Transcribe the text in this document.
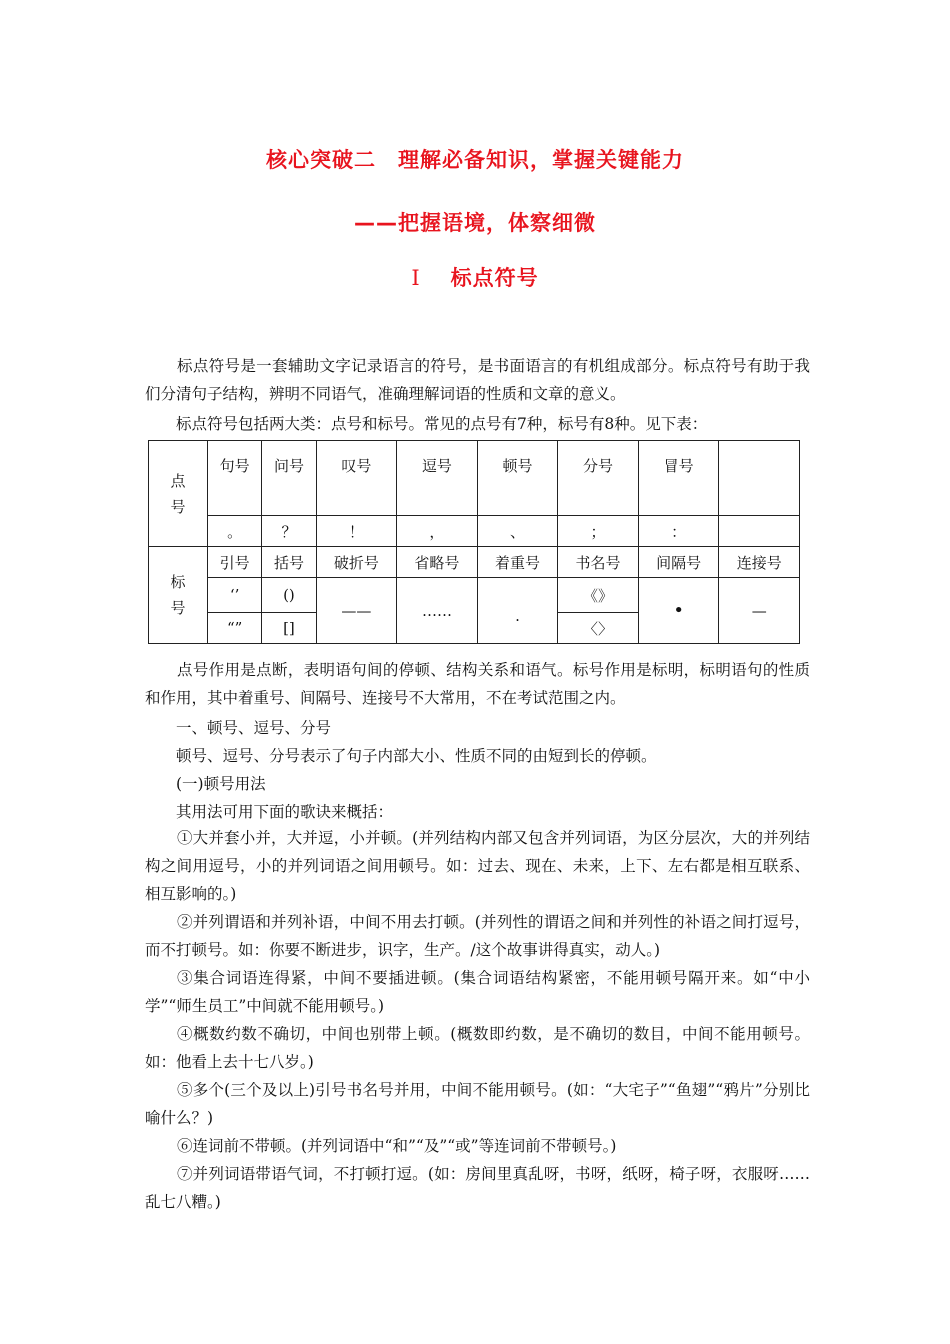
核心突破二　理解必备知识，掌握关键能力
——把握语境，体察细微
Ⅰ 标点符号
标点符号是一套辅助文字记录语言的符号，是书面语言的有机组成部分。标点符号有助于我们分清句子结构，辨明不同语气，准确理解词语的性质和文章的意义。
标点符号包括两大类：点号和标号。常见的点号有7种，标号有8种。见下表：
点
号	句号	问号	叹号	逗号	顿号	分号	冒号	
	。	？	！	，	、	；	：	
标
号	引号	括号	破折号	省略号	着重号	书名号	间隔号	连接号
	‘’	()	——	……	.	《》	•	—
	“”	[]				〈〉		
点号作用是点断，表明语句间的停顿、结构关系和语气。标号作用是标明，标明语句的性质和作用，其中着重号、间隔号、连接号不大常用，不在考试范围之内。
一、顿号、逗号、分号
顿号、逗号、分号表示了句子内部大小、性质不同的由短到长的停顿。
(一)顿号用法
其用法可用下面的歌诀来概括：
①大并套小并，大并逗，小并顿。(并列结构内部又包含并列词语，为区分层次，大的并列结构之间用逗号，小的并列词语之间用顿号。如：过去、现在、未来，上下、左右都是相互联系、相互影响的。)
②并列谓语和并列补语，中间不用去打顿。(并列性的谓语之间和并列性的补语之间打逗号，而不打顿号。如：你要不断进步，识字，生产。/这个故事讲得真实，动人。)
③集合词语连得紧，中间不要插进顿。(集合词语结构紧密，不能用顿号隔开来。如“中小学”“师生员工”中间就不能用顿号。)
④概数约数不确切，中间也别带上顿。(概数即约数，是不确切的数目，中间不能用顿号。如：他看上去十七八岁。)
⑤多个(三个及以上)引号书名号并用，中间不能用顿号。(如：“大宅子”“鱼翅”“鸦片”分别比喻什么？)
⑥连词前不带顿。(并列词语中“和”“及”“或”等连词前不带顿号。)
⑦并列词语带语气词，不打顿打逗。(如：房间里真乱呀，书呀，纸呀，椅子呀，衣服呀……乱七八糟。)
